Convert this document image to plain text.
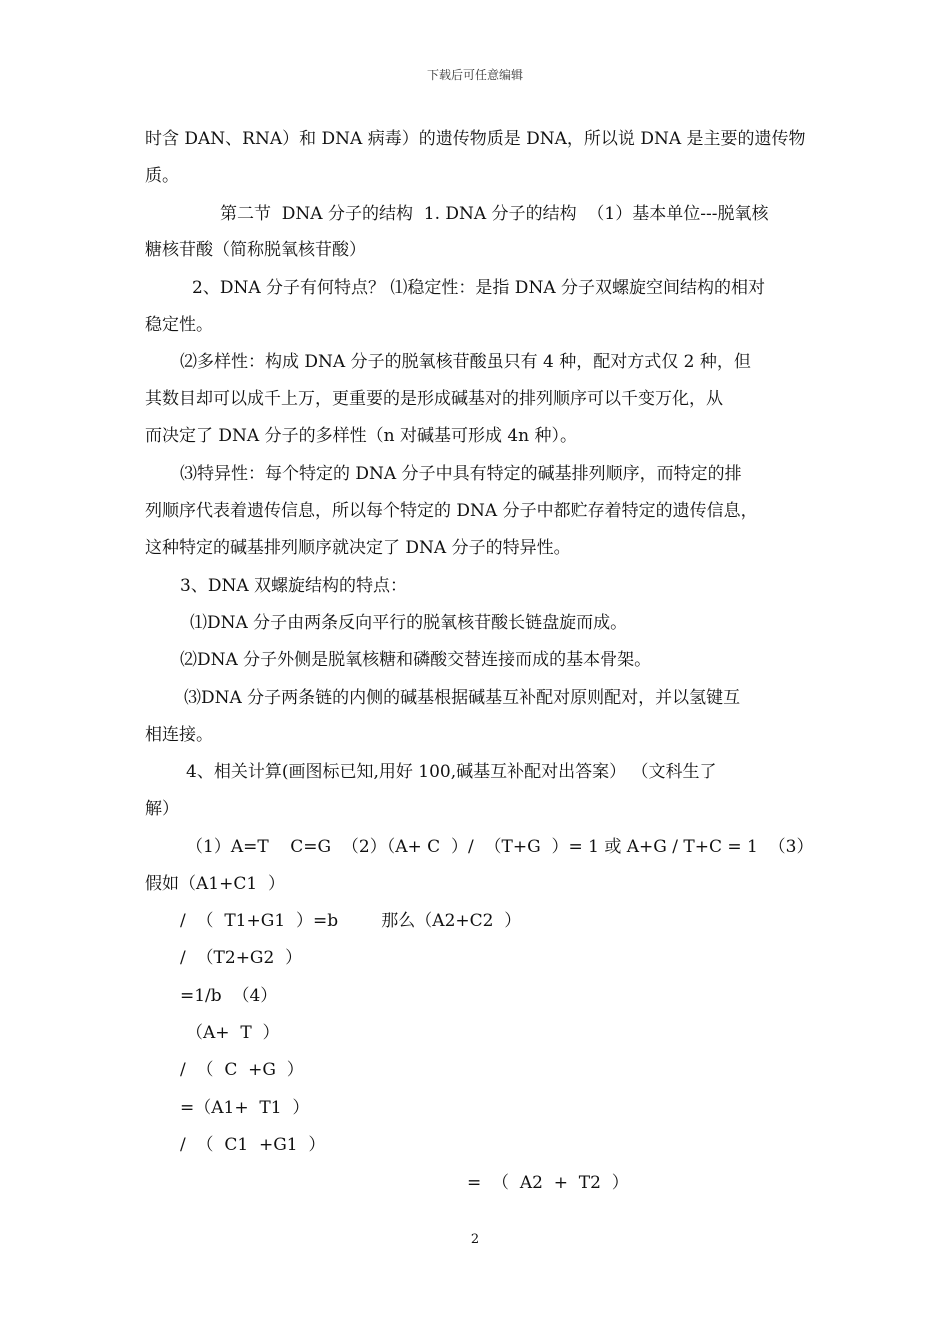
下载后可任意编辑
时含 DAN、RNA）和 DNA 病毒）的遗传物质是 DNA，所以说 DNA 是主要的遗传物
质。
第二节  DNA 分子的结构  1. DNA 分子的结构  （1）基本单位---脱氧核
糖核苷酸（简称脱氧核苷酸）
2、DNA 分子有何特点？ ⑴稳定性：是指 DNA 分子双螺旋空间结构的相对
稳定性。
⑵多样性：构成 DNA 分子的脱氧核苷酸虽只有 4 种，配对方式仅 2 种，但
其数目却可以成千上万，更重要的是形成碱基对的排列顺序可以千变万化，从
而决定了 DNA 分子的多样性（n 对碱基可形成 4n 种）。
⑶特异性：每个特定的 DNA 分子中具有特定的碱基排列顺序，而特定的排
列顺序代表着遗传信息，所以每个特定的 DNA 分子中都贮存着特定的遗传信息，
这种特定的碱基排列顺序就决定了 DNA 分子的特异性。
3、DNA 双螺旋结构的特点：
⑴DNA 分子由两条反向平行的脱氧核苷酸长链盘旋而成。
⑵DNA 分子外侧是脱氧核糖和磷酸交替连接而成的基本骨架。
⑶DNA 分子两条链的内侧的碱基根据碱基互补配对原则配对，并以氢键互
相连接。
4、相关计算(画图标已知,用好 100,碱基互补配对出答案） （文科生了
解）
（1）A=T    C=G  （2）（A+ C  ）/  （T+G  ）= 1 或 A+G / T+C = 1  （3）
假如（A1+C1  ）
/  （  T1+G1  ）=b        那么（A2+C2  ）
/  （T2+G2  ）
=1/b  （4）
（A+  T  ）
/  （  C  +G  ）
=（A1+  T1  ）
/  （  C1  +G1  ）
=  （  A2  +  T2  ）
2
